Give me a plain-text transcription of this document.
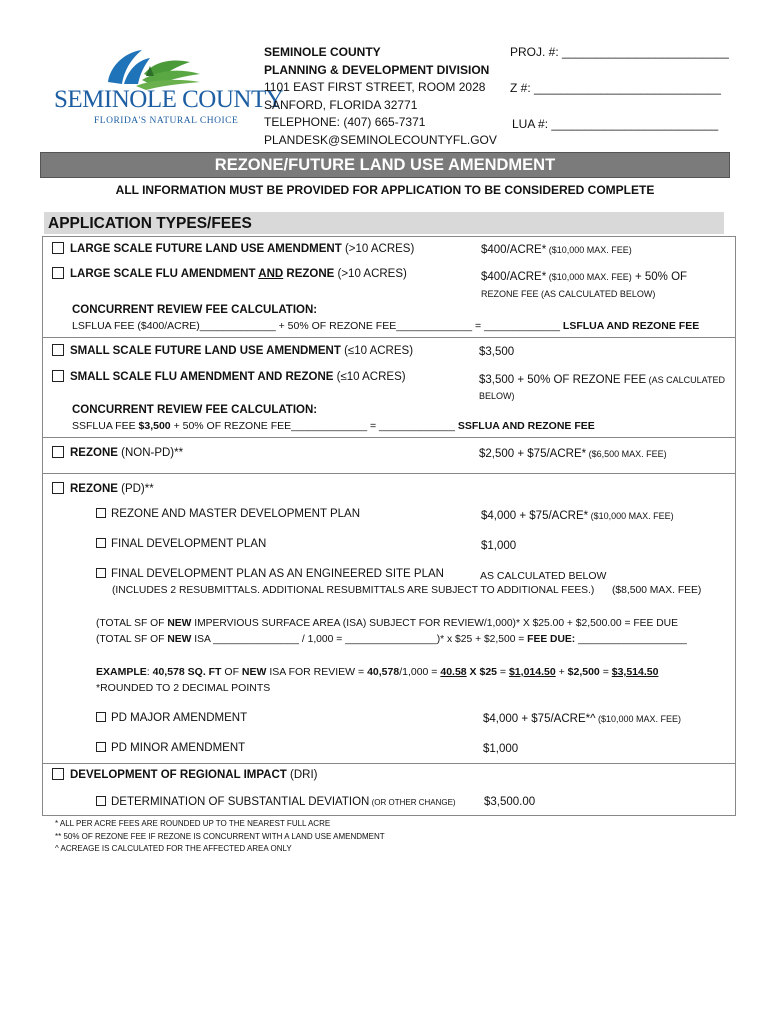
SEMINOLE COUNTY
FLORIDA'S NATURAL CHOICE
SEMINOLE COUNTY
PLANNING & DEVELOPMENT DIVISION
1101 EAST FIRST STREET, ROOM 2028
SANFORD, FLORIDA 32771
TELEPHONE: (407) 665-7371
PLANDESK@SEMINOLECOUNTYFL.GOV
PROJ. #: _________________________
Z #: ____________________________
LUA #: _________________________
REZONE/FUTURE LAND USE AMENDMENT
ALL INFORMATION MUST BE PROVIDED FOR APPLICATION TO BE CONSIDERED COMPLETE
APPLICATION TYPES/FEES
LARGE SCALE FUTURE LAND USE AMENDMENT (>10 ACRES)	$400/ACRE* ($10,000 MAX. FEE)
LARGE SCALE FLU AMENDMENT AND REZONE (>10 ACRES)	$400/ACRE* ($10,000 MAX. FEE) + 50% OF
REZONE FEE (AS CALCULATED BELOW)
CONCURRENT REVIEW FEE CALCULATION:
LSFLUA FEE ($400/ACRE)_____________ + 50% OF REZONE FEE_____________ = _____________ LSFLUA AND REZONE FEE
SMALL SCALE FUTURE LAND USE AMENDMENT (≤10 ACRES)	$3,500
SMALL SCALE FLU AMENDMENT AND REZONE (≤10 ACRES)	$3,500 + 50% OF REZONE FEE (AS CALCULATED
BELOW)
CONCURRENT REVIEW FEE CALCULATION:
SSFLUA FEE $3,500 + 50% OF REZONE FEE_____________ = _____________ SSFLUA AND REZONE FEE
REZONE (NON-PD)**	$2,500 + $75/ACRE* ($6,500 MAX. FEE)
REZONE (PD)**
REZONE AND MASTER DEVELOPMENT PLAN	$4,000 + $75/ACRE* ($10,000 MAX. FEE)
FINAL DEVELOPMENT PLAN	$1,000
FINAL DEVELOPMENT PLAN AS AN ENGINEERED SITE PLAN	AS CALCULATED BELOW
(INCLUDES 2 RESUBMITTALS. ADDITIONAL RESUBMITTALS ARE SUBJECT TO ADDITIONAL FEES.) ($8,500 MAX. FEE)
(TOTAL SF OF NEW IMPERVIOUS SURFACE AREA (ISA) SUBJECT FOR REVIEW/1,000)* X $25.00 + $2,500.00 = FEE DUE
(TOTAL SF OF NEW ISA _______________ / 1,000 = ________________)* x $25 + $2,500 = FEE DUE: ___________________
EXAMPLE: 40,578 SQ. FT OF NEW ISA FOR REVIEW = 40,578/1,000 = 40.58 X $25 = $1,014.50 + $2,500 = $3,514.50
*ROUNDED TO 2 DECIMAL POINTS
PD MAJOR AMENDMENT	$4,000 + $75/ACRE*^ ($10,000 MAX. FEE)
PD MINOR AMENDMENT	$1,000
DEVELOPMENT OF REGIONAL IMPACT (DRI)
DETERMINATION OF SUBSTANTIAL DEVIATION (OR OTHER CHANGE) $3,500.00
* ALL PER ACRE FEES ARE ROUNDED UP TO THE NEAREST FULL ACRE
** 50% OF REZONE FEE IF REZONE IS CONCURRENT WITH A LAND USE AMENDMENT
^ ACREAGE IS CALCULATED FOR THE AFFECTED AREA ONLY
